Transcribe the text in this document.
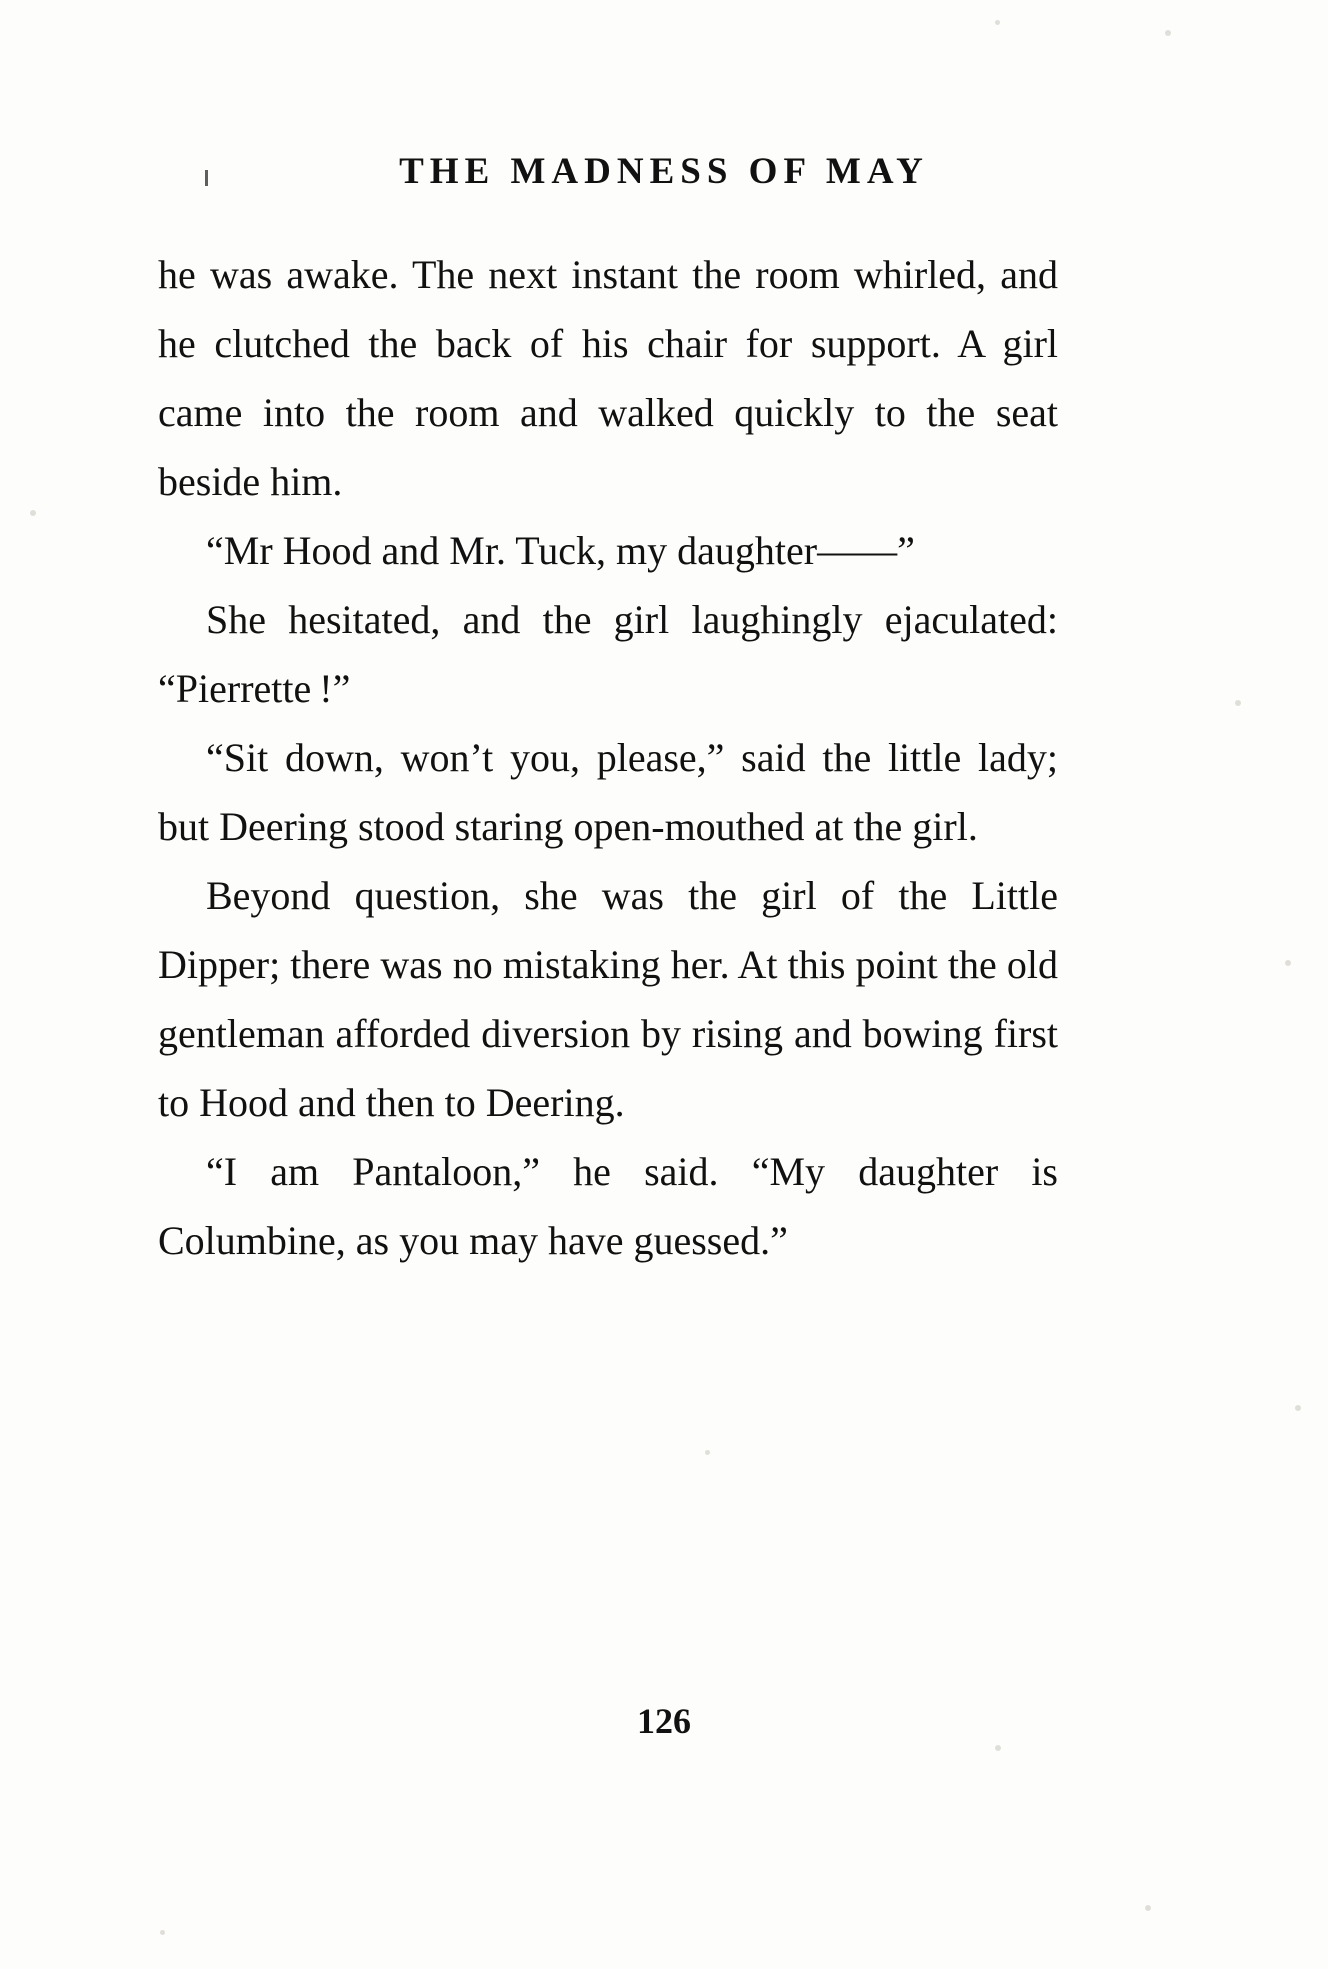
THE MADNESS OF MAY

he was awake. The next instant the room whirled, and he clutched the back of his chair for support. A girl came into the room and walked quickly to the seat beside him.

“Mr Hood and Mr. Tuck, my daughter——”

She hesitated, and the girl laughingly ejaculated: “Pierrette !”

“Sit down, won’t you, please,” said the little lady; but Deering stood staring open-mouthed at the girl.

Beyond question, she was the girl of the Little Dipper; there was no mistaking her. At this point the old gentleman afforded diversion by rising and bowing first to Hood and then to Deering.

“I am Pantaloon,” he said. “My daughter is Columbine, as you may have guessed.”

126
